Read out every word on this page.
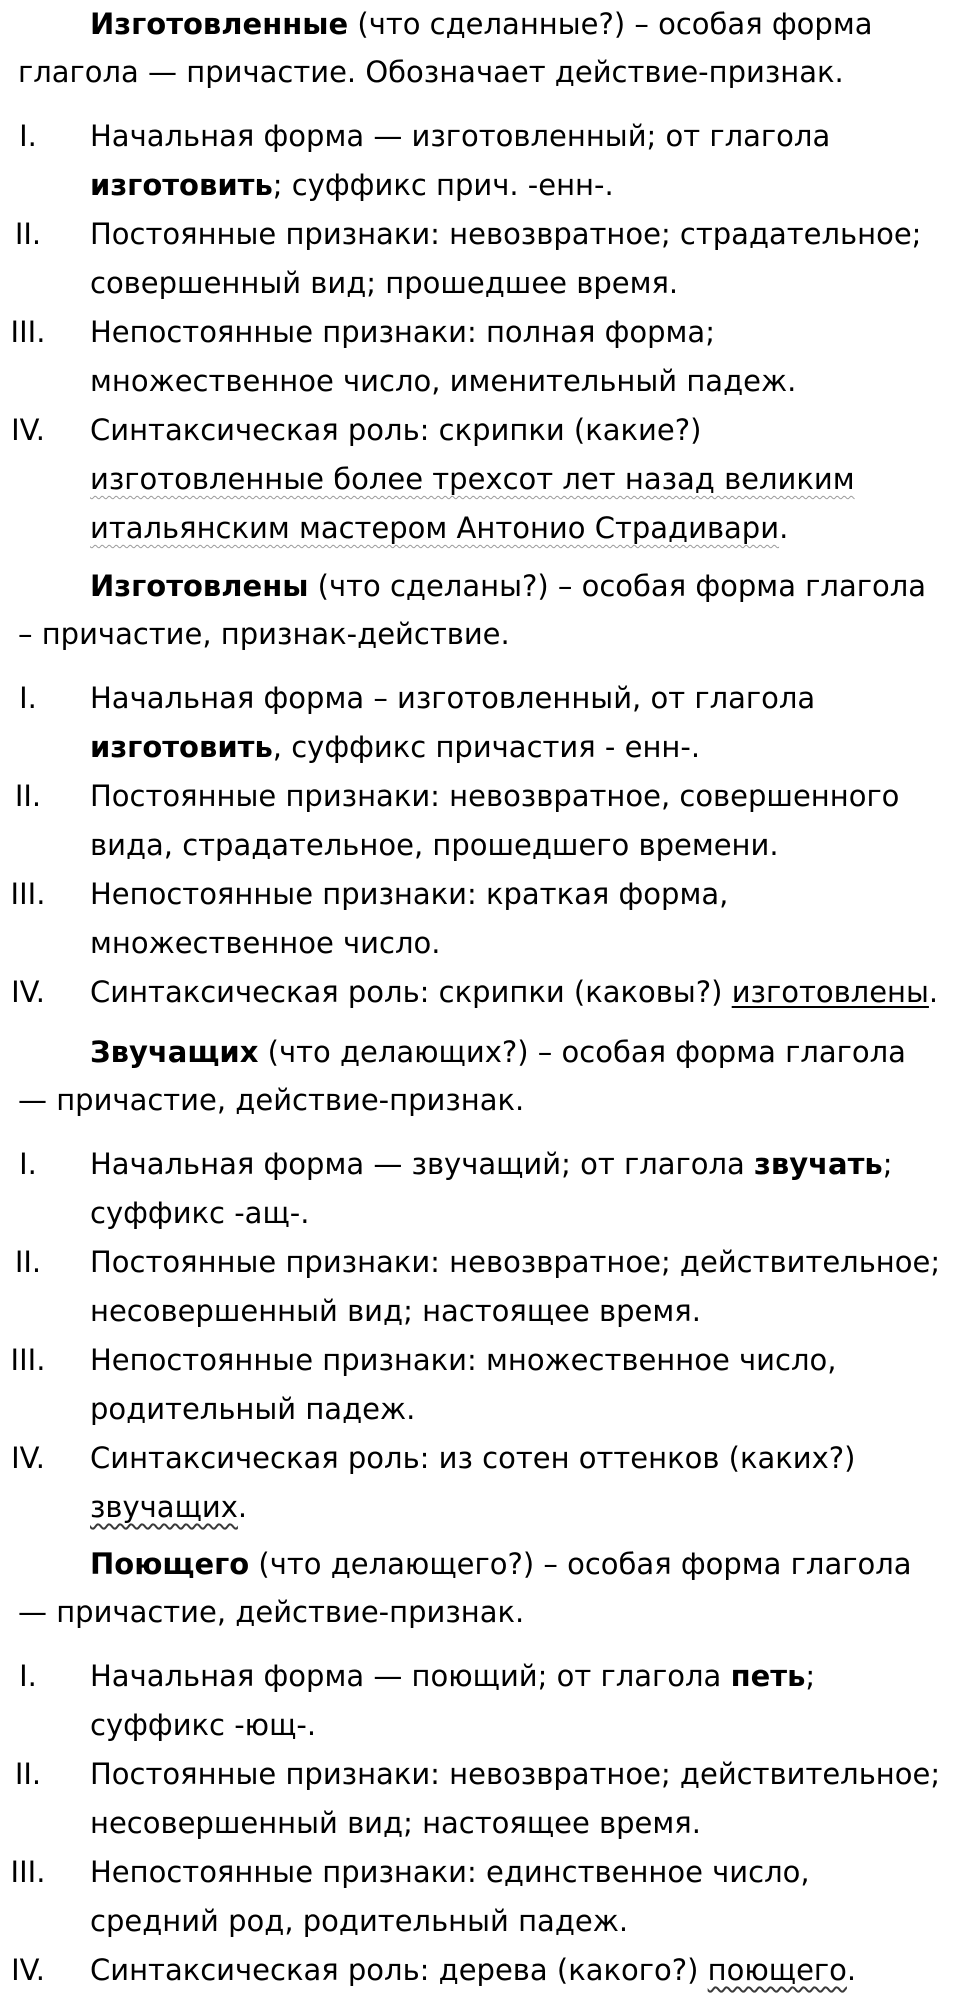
Изготовленные (что сделанные?) – особая форма глагола — причастие. Обозначает действие-признак.

I.	Начальная форма — изготовленный; от глагола изготовить; суффикс прич. -енн-.
II.	Постоянные признаки: невозвратное; страдательное; совершенный вид; прошедшее время.
III.	Непостоянные признаки: полная форма; множественное число, именительный падеж.
IV.	Синтаксическая роль: скрипки (какие?) изготовленные более трехсот лет назад великим итальянским мастером Антонио Страдивари.

Изготовлены (что сделаны?) – особая форма глагола – причастие, признак-действие.

I.	Начальная форма – изготовленный, от глагола изготовить, суффикс причастия - енн-.
II.	Постоянные признаки: невозвратное, совершенного вида, страдательное, прошедшего времени.
III.	Непостоянные признаки: краткая форма, множественное число.
IV.	Синтаксическая роль: скрипки (каковы?) изготовлены.

Звучащих (что делающих?) – особая форма глагола — причастие, действие-признак.

I.	Начальная форма — звучащий; от глагола звучать; суффикс -ащ-.
II.	Постоянные признаки: невозвратное; действительное; несовершенный вид; настоящее время.
III.	Непостоянные признаки: множественное число, родительный падеж.
IV.	Синтаксическая роль: из сотен оттенков (каких?) звучащих.

Поющего (что делающего?) – особая форма глагола — причастие, действие-признак.

I.	Начальная форма — поющий; от глагола петь; суффикс -ющ-.
II.	Постоянные признаки: невозвратное; действительное; несовершенный вид; настоящее время.
III.	Непостоянные признаки: единственное число, средний род, родительный падеж.
IV.	Синтаксическая роль: дерева (какого?) поющего.
